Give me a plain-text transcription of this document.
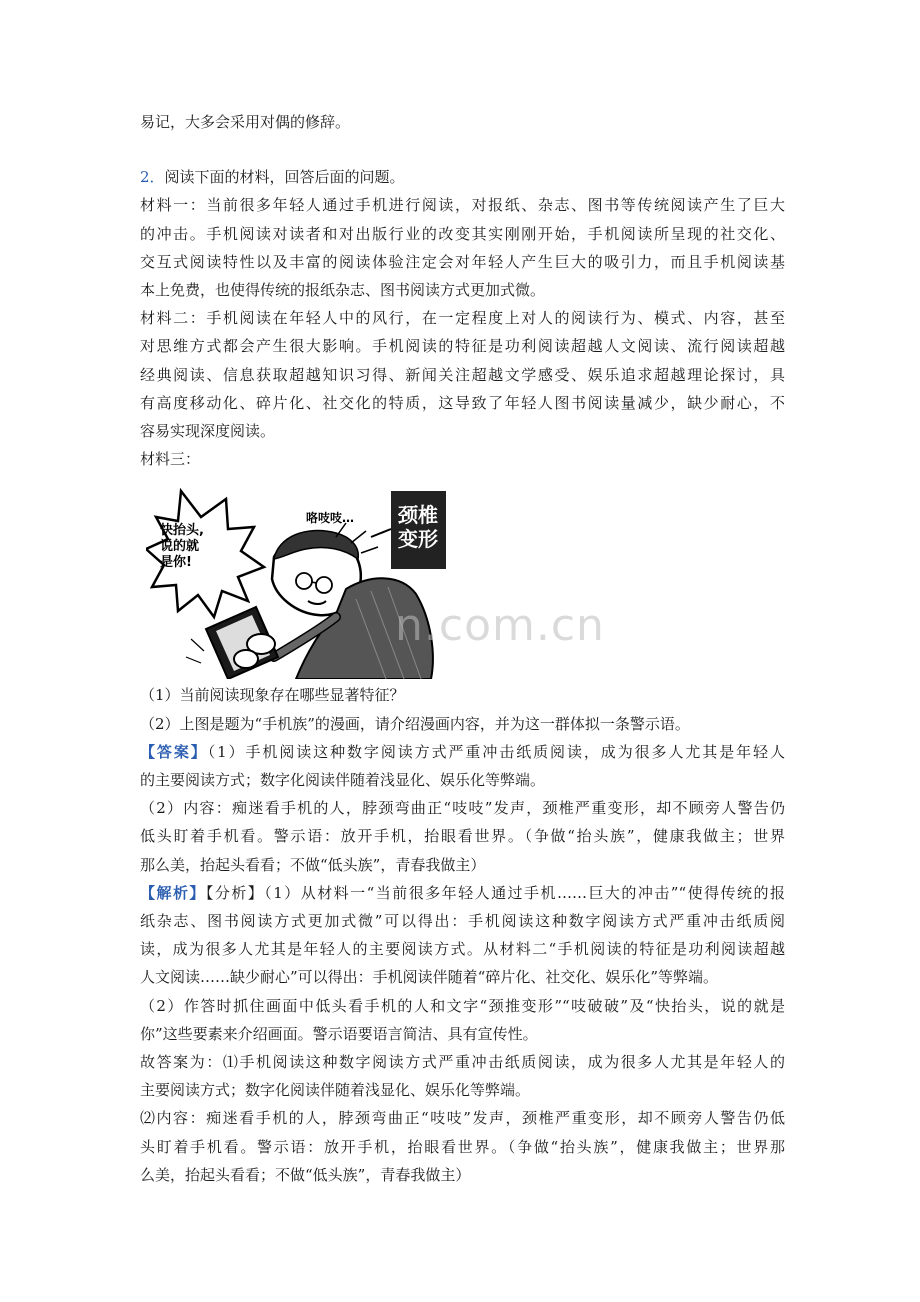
易记，大多会采用对偶的修辞。

2．阅读下面的材料，回答后面的问题。

材料一：当前很多年轻人通过手机进行阅读，对报纸、杂志、图书等传统阅读产生了巨大

的冲击。手机阅读对读者和对出版行业的改变其实刚刚开始，手机阅读所呈现的社交化、

交互式阅读特性以及丰富的阅读体验注定会对年轻人产生巨大的吸引力，而且手机阅读基

本上免费，也使得传统的报纸杂志、图书阅读方式更加式微。

材料二：手机阅读在年轻人中的风行，在一定程度上对人的阅读行为、模式、内容，甚至

对思维方式都会产生很大影响。手机阅读的特征是功利阅读超越人文阅读、流行阅读超越

经典阅读、信息获取超越知识习得、新闻关注超越文学感受、娱乐追求超越理论探讨，具

有高度移动化、碎片化、社交化的特质，这导致了年轻人图书阅读量减少，缺少耐心，不

容易实现深度阅读。

材料三：

快抬头,
说的就
是你!
咯吱吱… 颈椎
变形

（1）当前阅读现象存在哪些显著特征？

（2）上图是题为“手机族”的漫画，请介绍漫画内容，并为这一群体拟一条警示语。

【答案】（1）手机阅读这种数字阅读方式严重冲击纸质阅读，成为很多人尤其是年轻人

的主要阅读方式；数字化阅读伴随着浅显化、娱乐化等弊端。

（2）内容：痴迷看手机的人，脖颈弯曲正“吱吱”发声，颈椎严重变形，却不顾旁人警告仍

低头盯着手机看。警示语：放开手机，抬眼看世界。（争做“抬头族”，健康我做主；世界

那么美，抬起头看看；不做“低头族”，青春我做主）

【解析】【分析】（1）从材料一“当前很多年轻人通过手机……巨大的冲击”“使得传统的报

纸杂志、图书阅读方式更加式微”可以得出：手机阅读这种数字阅读方式严重冲击纸质阅

读，成为很多人尤其是年轻人的主要阅读方式。从材料二“手机阅读的特征是功利阅读超越

人文阅读……缺少耐心”可以得出：手机阅读伴随着“碎片化、社交化、娱乐化”等弊端。

（2）作答时抓住画面中低头看手机的人和文字“颈推变形”“吱破破”及“快抬头，说的就是

你”这些要素来介绍画面。警示语要语言简洁、具有宣传性。

故答案为：⑴手机阅读这种数字阅读方式严重冲击纸质阅读，成为很多人尤其是年轻人的

主要阅读方式；数字化阅读伴随着浅显化、娱乐化等弊端。

⑵内容：痴迷看手机的人，脖颈弯曲正“吱吱”发声，颈椎严重变形，却不顾旁人警告仍低

头盯着手机看。警示语：放开手机，抬眼看世界。（争做“抬头族”，健康我做主；世界那

么美，抬起头看看；不做“低头族”，青春我做主）

n.com.cn
